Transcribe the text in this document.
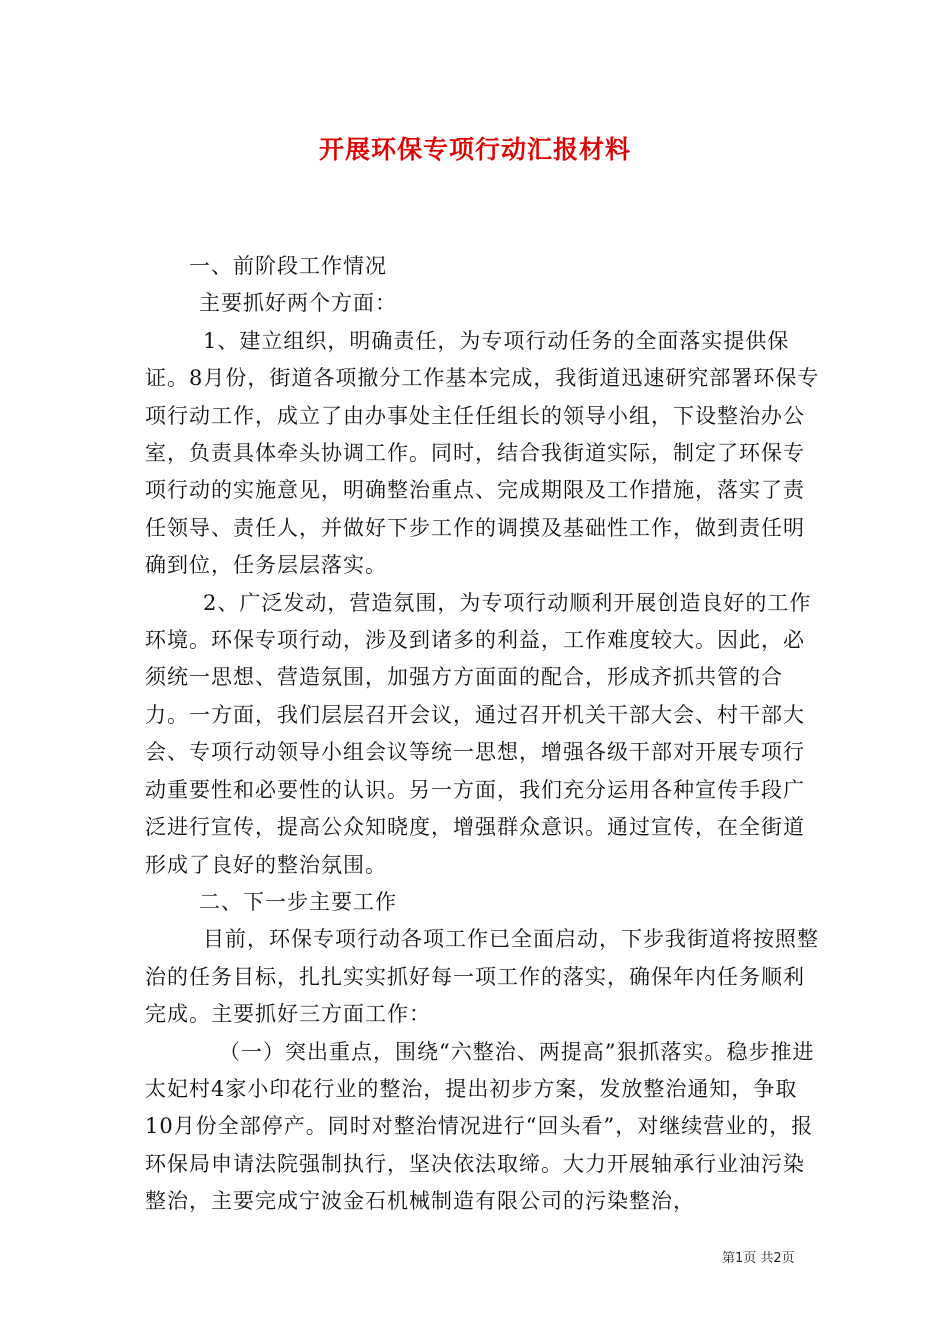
开展环保专项行动汇报材料

一、前阶段工作情况

主要抓好两个方面：

1、建立组织，明确责任，为专项行动任务的全面落实提供保证。8月份，街道各项撤分工作基本完成，我街道迅速研究部署环保专项行动工作，成立了由办事处主任任组长的领导小组，下设整治办公室，负责具体牵头协调工作。同时，结合我街道实际，制定了环保专项行动的实施意见，明确整治重点、完成期限及工作措施，落实了责任领导、责任人，并做好下步工作的调摸及基础性工作，做到责任明确到位，任务层层落实。

2、广泛发动，营造氛围，为专项行动顺利开展创造良好的工作环境。环保专项行动，涉及到诸多的利益，工作难度较大。因此，必须统一思想、营造氛围，加强方方面面的配合，形成齐抓共管的合力。一方面，我们层层召开会议，通过召开机关干部大会、村干部大会、专项行动领导小组会议等统一思想，增强各级干部对开展专项行动重要性和必要性的认识。另一方面，我们充分运用各种宣传手段广泛进行宣传，提高公众知晓度，增强群众意识。通过宣传，在全街道形成了良好的整治氛围。

二、下一步主要工作

目前，环保专项行动各项工作已全面启动，下步我街道将按照整治的任务目标，扎扎实实抓好每一项工作的落实，确保年内任务顺利完成。主要抓好三方面工作：

（一）突出重点，围绕“六整治、两提高”狠抓落实。稳步推进太妃村4家小印花行业的整治，提出初步方案，发放整治通知，争取10月份全部停产。同时对整治情况进行“回头看”，对继续营业的，报环保局申请法院强制执行，坚决依法取缔。大力开展轴承行业油污染整治，主要完成宁波金石机械制造有限公司的污染整治，

第1页 共2页
